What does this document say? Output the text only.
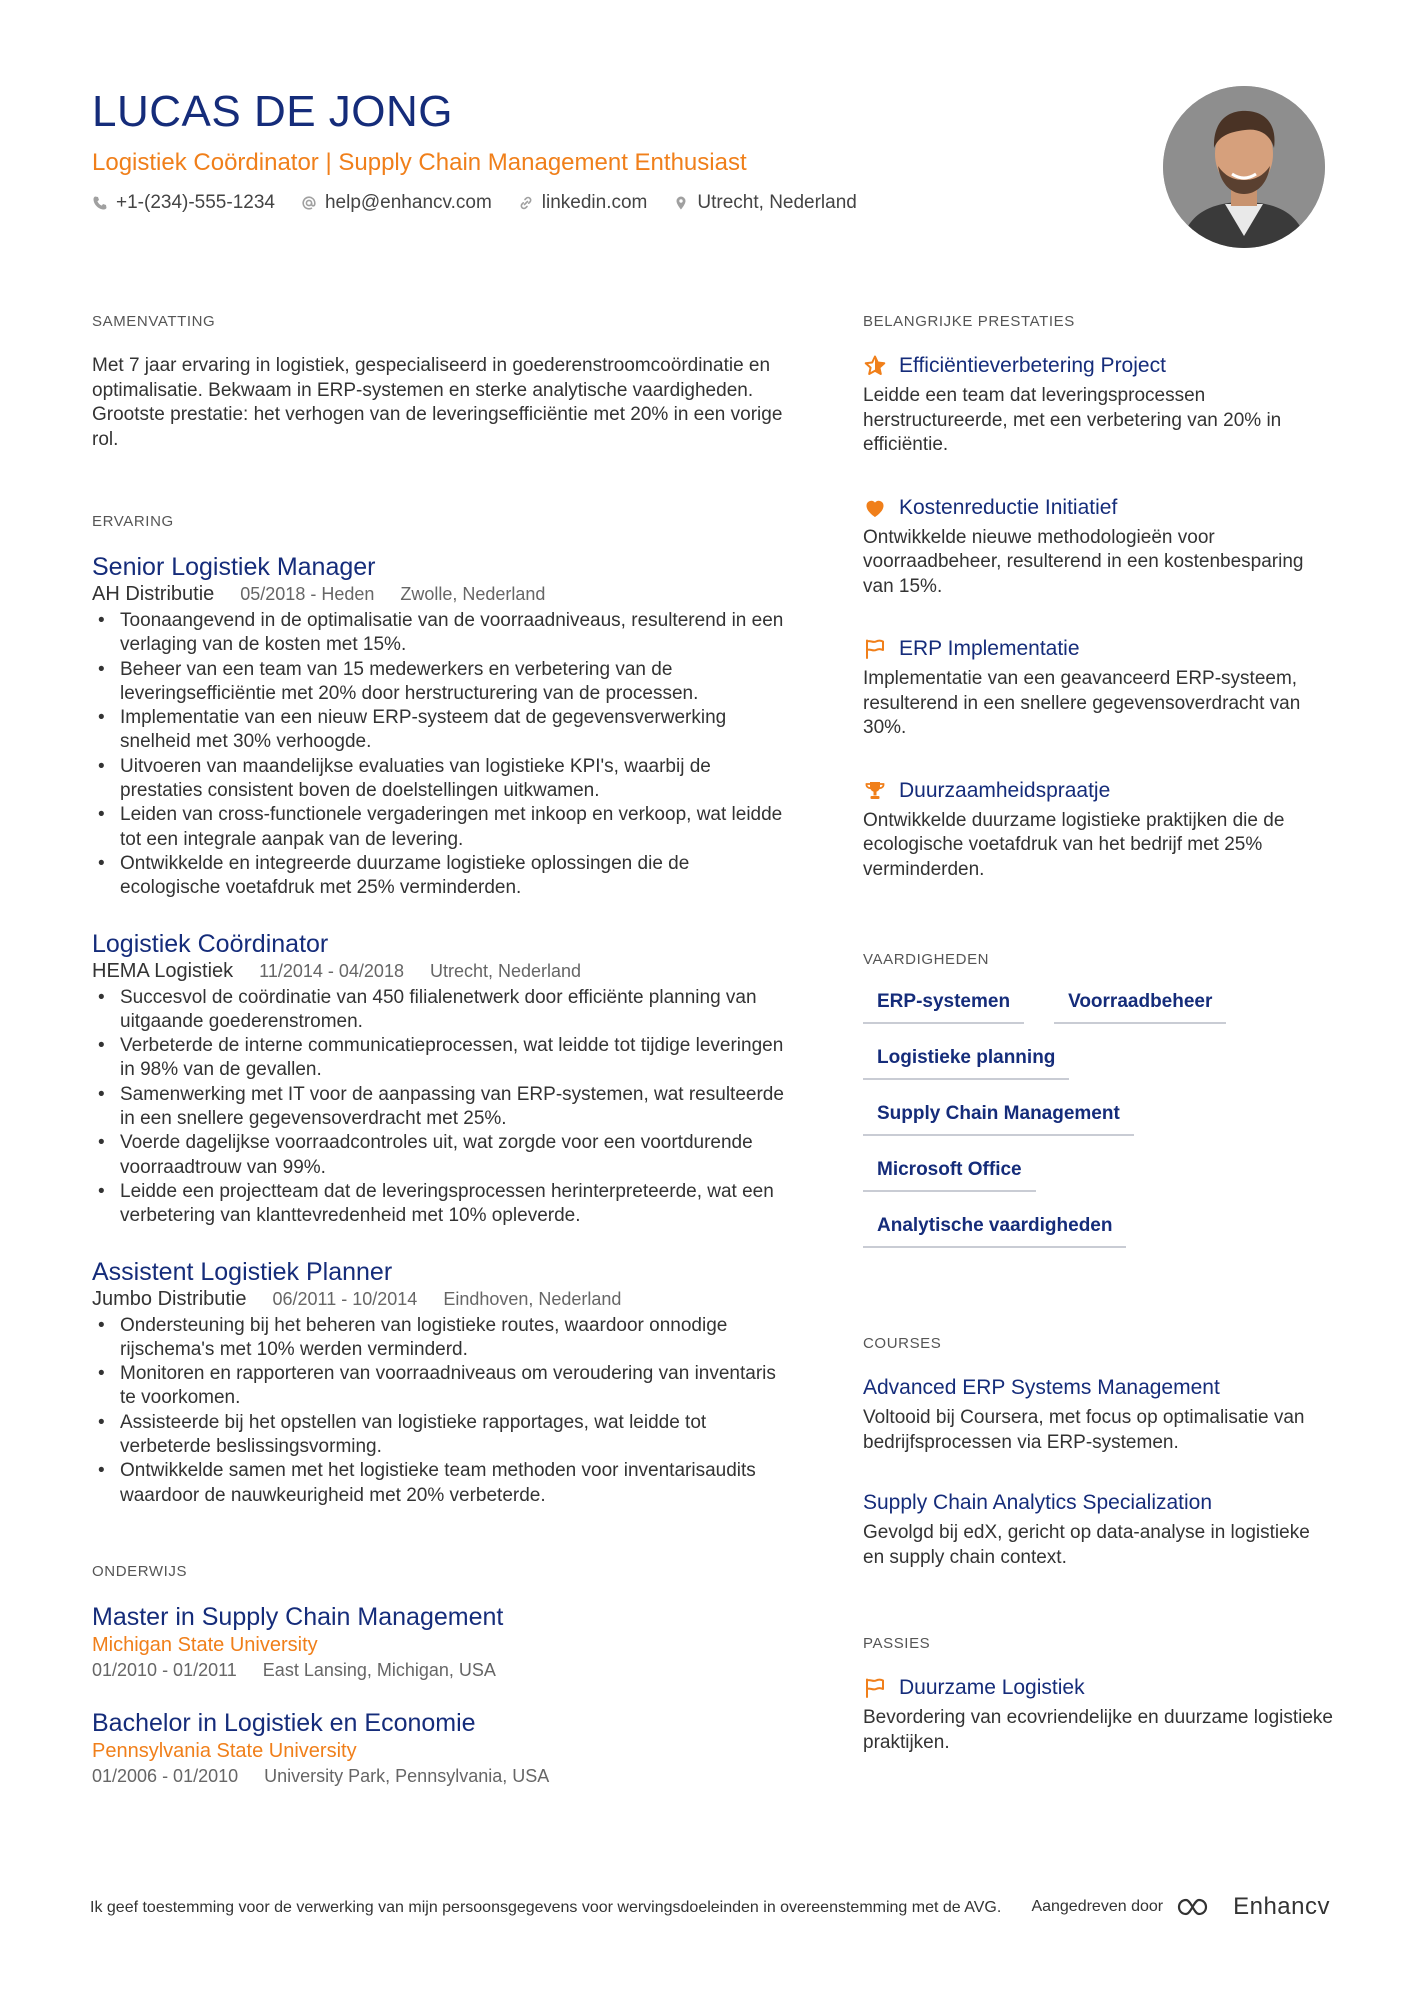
LUCAS DE JONG
Logistiek Coördinator | Supply Chain Management Enthusiast
+1-(234)-555-1234	help@enhancv.com	linkedin.com	Utrecht, Nederland
SAMENVATTING
Met 7 jaar ervaring in logistiek, gespecialiseerd in goederenstroomcoördinatie en optimalisatie. Bekwaam in ERP-systemen en sterke analytische vaardigheden. Grootste prestatie: het verhogen van de leveringsefficiëntie met 20% in een vorige rol.
ERVARING
Senior Logistiek Manager
AH Distributie 05/2018 - Heden Zwolle, Nederland
• Toonaangevend in de optimalisatie van de voorraadniveaus, resulterend in een verlaging van de kosten met 15%.
• Beheer van een team van 15 medewerkers en verbetering van de leveringsefficiëntie met 20% door herstructurering van de processen.
• Implementatie van een nieuw ERP-systeem dat de gegevensverwerking snelheid met 30% verhoogde.
• Uitvoeren van maandelijkse evaluaties van logistieke KPI's, waarbij de prestaties consistent boven de doelstellingen uitkwamen.
• Leiden van cross-functionele vergaderingen met inkoop en verkoop, wat leidde tot een integrale aanpak van de levering.
• Ontwikkelde en integreerde duurzame logistieke oplossingen die de ecologische voetafdruk met 25% verminderden.
Logistiek Coördinator
HEMA Logistiek 11/2014 - 04/2018 Utrecht, Nederland
• Succesvol de coördinatie van 450 filialenetwerk door efficiënte planning van uitgaande goederenstromen.
• Verbeterde de interne communicatieprocessen, wat leidde tot tijdige leveringen in 98% van de gevallen.
• Samenwerking met IT voor de aanpassing van ERP-systemen, wat resulteerde in een snellere gegevensoverdracht met 25%.
• Voerde dagelijkse voorraadcontroles uit, wat zorgde voor een voortdurende voorraadtrouw van 99%.
• Leidde een projectteam dat de leveringsprocessen herinterpreteerde, wat een verbetering van klanttevredenheid met 10% opleverde.
Assistent Logistiek Planner
Jumbo Distributie 06/2011 - 10/2014 Eindhoven, Nederland
• Ondersteuning bij het beheren van logistieke routes, waardoor onnodige rijschema's met 10% werden verminderd.
• Monitoren en rapporteren van voorraadniveaus om veroudering van inventaris te voorkomen.
• Assisteerde bij het opstellen van logistieke rapportages, wat leidde tot verbeterde beslissingsvorming.
• Ontwikkelde samen met het logistieke team methoden voor inventarisaudits waardoor de nauwkeurigheid met 20% verbeterde.
ONDERWIJS
Master in Supply Chain Management
Michigan State University
01/2010 - 01/2011 East Lansing, Michigan, USA
Bachelor in Logistiek en Economie
Pennsylvania State University
01/2006 - 01/2010 University Park, Pennsylvania, USA
BELANGRIJKE PRESTATIES
Efficiëntieverbetering Project
Leidde een team dat leveringsprocessen herstructureerde, met een verbetering van 20% in efficiëntie.
Kostenreductie Initiatief
Ontwikkelde nieuwe methodologieën voor voorraadbeheer, resulterend in een kostenbesparing van 15%.
ERP Implementatie
Implementatie van een geavanceerd ERP-systeem, resulterend in een snellere gegevensoverdracht van 30%.
Duurzaamheidspraatje
Ontwikkelde duurzame logistieke praktijken die de ecologische voetafdruk van het bedrijf met 25% verminderden.
VAARDIGHEDEN
ERP-systemen	Voorraadbeheer
Logistieke planning
Supply Chain Management
Microsoft Office
Analytische vaardigheden
COURSES
Advanced ERP Systems Management
Voltooid bij Coursera, met focus op optimalisatie van bedrijfsprocessen via ERP-systemen.
Supply Chain Analytics Specialization
Gevolgd bij edX, gericht op data-analyse in logistieke en supply chain context.
PASSIES
Duurzame Logistiek
Bevordering van ecovriendelijke en duurzame logistieke praktijken.
Ik geef toestemming voor de verwerking van mijn persoonsgegevens voor wervingsdoeleinden in overeenstemming met de AVG.	Aangedreven door	Enhancv
